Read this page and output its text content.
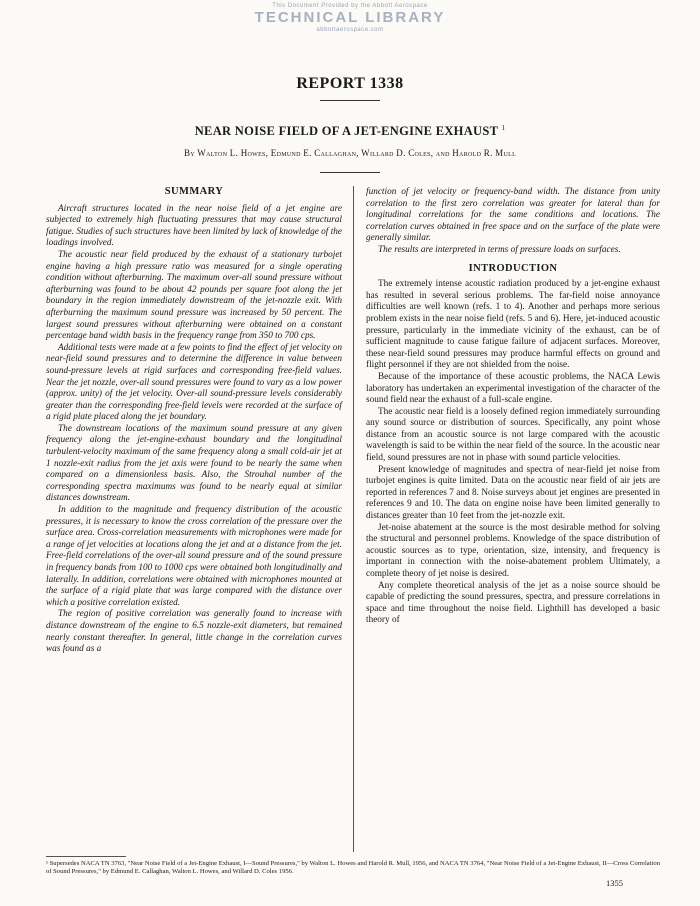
This Document Provided by the Abbott Aerospace
TECHNICAL LIBRARY
abbottaerospace.com
REPORT 1338
NEAR NOISE FIELD OF A JET-ENGINE EXHAUST $^1$
By Walton L. Howes, Edmund E. Callaghan, Willard D. Coles, and Harold R. Mull
SUMMARY

Aircraft structures located in the near noise field of a jet engine are subjected to extremely high fluctuating pressures that may cause structural fatigue. Studies of such structures have been limited by lack of knowledge of the loadings involved.

The acoustic near field produced by the exhaust of a stationary turbojet engine having a high pressure ratio was measured for a single operating condition without afterburning. The maximum over-all sound pressure without afterburning was found to be about 42 pounds per square foot along the jet boundary in the region immediately downstream of the jet-nozzle exit. With afterburning the maximum sound pressure was increased by 50 percent. The largest sound pressures without afterburning were obtained on a constant percentage band width basis in the frequency range from 350 to 700 cps.

Additional tests were made at a few points to find the effect of jet velocity on near-field sound pressures and to determine the difference in value between sound-pressure levels at rigid surfaces and corresponding free-field values. Near the jet nozzle, over-all sound pressures were found to vary as a low power (approx. unity) of the jet velocity. Over-all sound-pressure levels considerably greater than the corresponding free-field levels were recorded at the surface of a rigid plate placed along the jet boundary.

The downstream locations of the maximum sound pressure at any given frequency along the jet-engine-exhaust boundary and the longitudinal turbulent-velocity maximum of the same frequency along a small cold-air jet at 1 nozzle-exit radius from the jet axis were found to be nearly the same when compared on a dimensionless basis. Also, the Strouhal number of the corresponding spectra maximums was found to be nearly equal at similar distances downstream.

In addition to the magnitude and frequency distribution of the acoustic pressures, it is necessary to know the cross correlation of the pressure over the surface area. Cross-correlation measurements with microphones were made for a range of jet velocities at locations along the jet and at a distance from the jet. Free-field correlations of the over-all sound pressure and of the sound pressure in frequency bands from 100 to 1000 cps were obtained both longitudinally and laterally. In addition, correlations were obtained with microphones mounted at the surface of a rigid plate that was large compared with the distance over which a positive correlation existed.

The region of positive correlation was generally found to increase with distance downstream of the engine to 6.5 nozzle-exit diameters, but remained nearly constant thereafter. In general, little change in the correlation curves was found as a

function of jet velocity or frequency-band width. The distance from unity correlation to the first zero correlation was greater for lateral than for longitudinal correlations for the same conditions and locations. The correlation curves obtained in free space and on the surface of the plate were generally similar.

The results are interpreted in terms of pressure loads on surfaces.

INTRODUCTION

The extremely intense acoustic radiation produced by a jet-engine exhaust has resulted in several serious problems. The far-field noise annoyance difficulties are well known (refs. 1 to 4). Another and perhaps more serious problem exists in the near noise field (refs. 5 and 6). Here, jet-induced acoustic pressure, particularly in the immediate vicinity of the exhaust, can be of sufficient magnitude to cause fatigue failure of adjacent surfaces. Moreover, these near-field sound pressures may produce harmful effects on ground and flight personnel if they are not shielded from the noise.

Because of the importance of these acoustic problems, the NACA Lewis laboratory has undertaken an experimental investigation of the character of the sound field near the exhaust of a full-scale engine.

The acoustic near field is a loosely defined region immediately surrounding any sound source or distribution of sources. Specifically, any point whose distance from an acoustic source is not large compared with the acoustic wavelength is said to be within the near field of the source. In the acoustic near field, sound pressures are not in phase with sound particle velocities.

Present knowledge of magnitudes and spectra of near-field jet noise from turbojet engines is quite limited. Data on the acoustic near field of air jets are reported in references 7 and 8. Noise surveys about jet engines are presented in references 9 and 10. The data on engine noise have been limited generally to distances greater than 10 feet from the jet-nozzle exit.

Jet-noise abatement at the source is the most desirable method for solving the structural and personnel problems. Knowledge of the space distribution of acoustic sources as to type, orientation, size, intensity, and frequency is important in connection with the noise-abatement problem Ultimately, a complete theory of jet noise is desired.

Any complete theoretical analysis of the jet as a noise source should be capable of predicting the sound pressures, spectra, and pressure correlations in space and time throughout the noise field. Lighthill has developed a basic theory of

¹ Supersedes NACA TN 3763, "Near Noise Field of a Jet-Engine Exhaust, I—Sound Pressures," by Walton L. Howes and Harold R. Mull, 1956, and NACA TN 3764, "Near Noise Field of a Jet-Engine Exhaust, II—Cross Correlation of Sound Pressures," by Edmund E. Callaghan, Walton L. Howes, and Willard D. Coles 1956.
1355
